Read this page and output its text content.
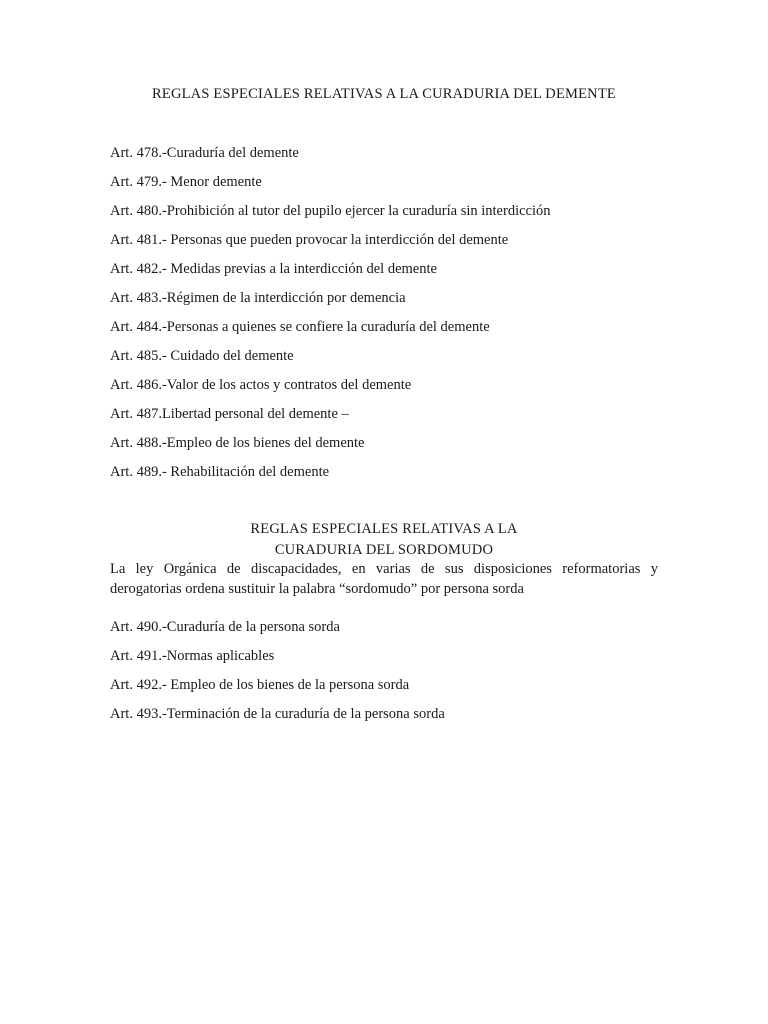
REGLAS ESPECIALES RELATIVAS A LA CURADURIA DEL DEMENTE
Art. 478.-Curaduría del demente
Art. 479.- Menor demente
Art. 480.-Prohibición al tutor del pupilo ejercer la curaduría sin interdicción
Art. 481.- Personas que pueden provocar la interdicción del demente
Art. 482.- Medidas previas a la interdicción del demente
Art. 483.-Régimen de la interdicción por demencia
Art. 484.-Personas a quienes se confiere la curaduría del demente
Art. 485.- Cuidado del demente
Art. 486.-Valor de los actos y contratos del demente
Art. 487.Libertad personal del demente –
Art. 488.-Empleo de los bienes del demente
Art. 489.- Rehabilitación del demente
REGLAS ESPECIALES RELATIVAS A LA
CURADURIA DEL SORDOMUDO
La ley Orgánica de discapacidades, en varias de sus disposiciones reformatorias y derogatorias ordena sustituir la palabra “sordomudo” por persona sorda
Art. 490.-Curaduría de la persona sorda
Art. 491.-Normas aplicables
Art. 492.- Empleo de los bienes de la persona sorda
Art. 493.-Terminación de la curaduría de la persona sorda
